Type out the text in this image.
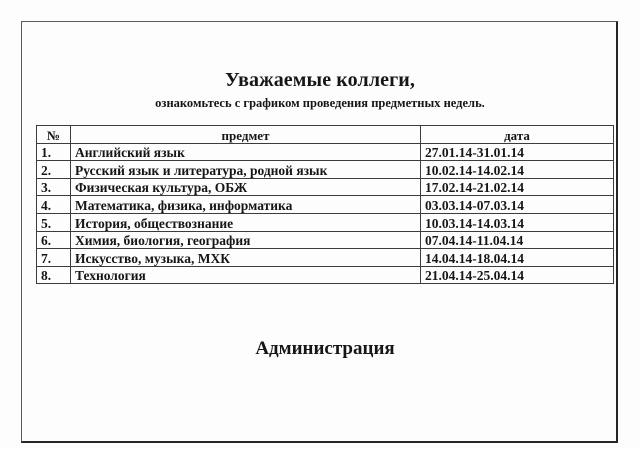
Уважаемые коллеги,
ознакомьтесь с графиком проведения предметных недель.
№	предмет	дата
1.	Английский язык	27.01.14-31.01.14
2.	Русский язык и литература, родной язык	10.02.14-14.02.14
3.	Физическая культура, ОБЖ	17.02.14-21.02.14
4.	Математика, физика, информатика	03.03.14-07.03.14
5.	История, обществознание	10.03.14-14.03.14
6.	Химия, биология, география	07.04.14-11.04.14
7.	Искусство, музыка, МХК	14.04.14-18.04.14
8.	Технология	21.04.14-25.04.14
Администрация
